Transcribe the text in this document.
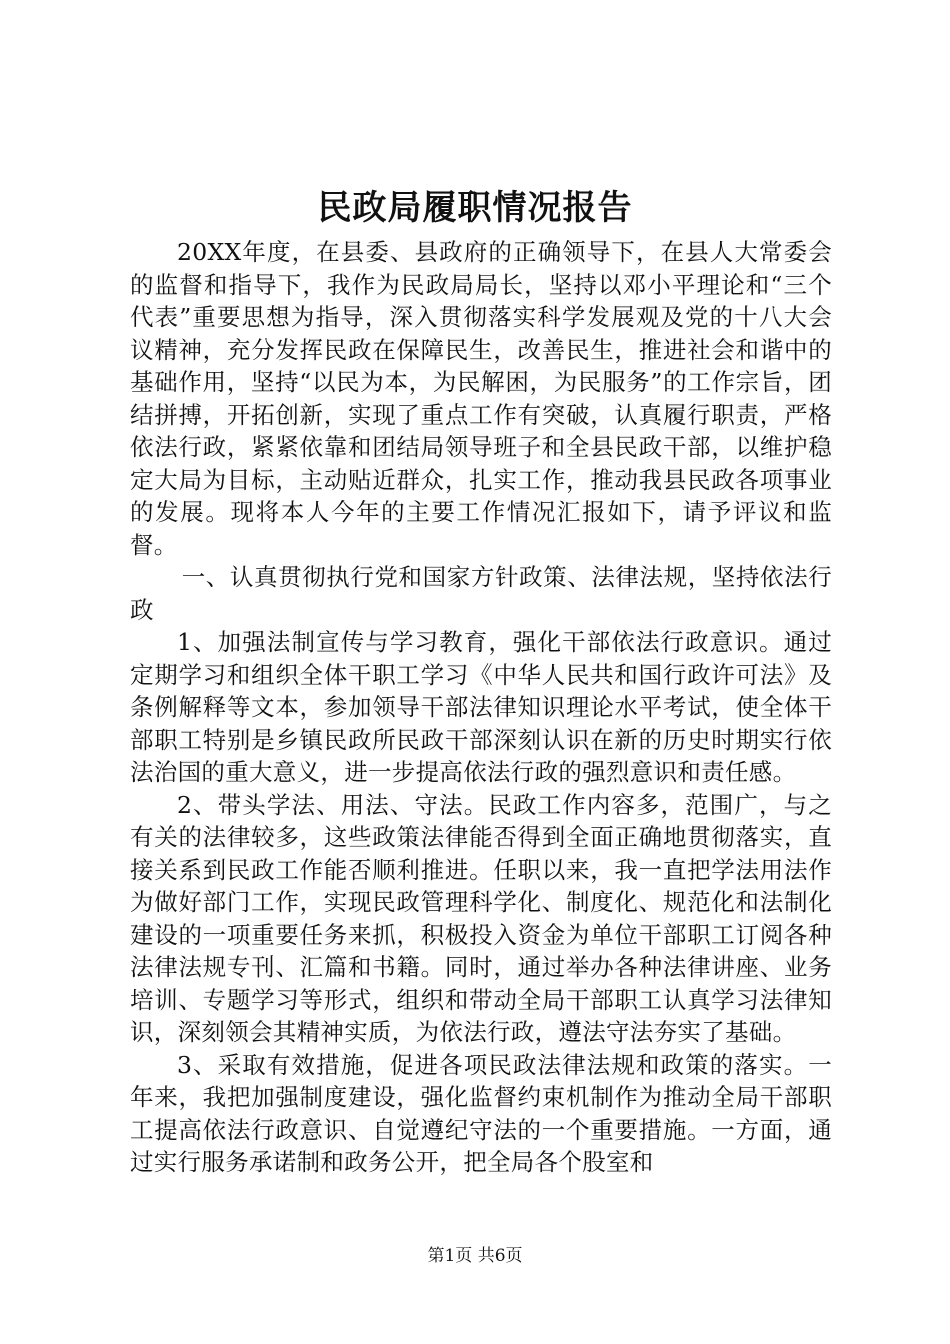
民政局履职情况报告

20XX年度，在县委、县政府的正确领导下，在县人大常委会的监督和指导下，我作为民政局局长，坚持以邓小平理论和“三个代表”重要思想为指导，深入贯彻落实科学发展观及党的十八大会议精神，充分发挥民政在保障民生，改善民生，推进社会和谐中的基础作用，坚持“以民为本，为民解困，为民服务”的工作宗旨，团结拼搏，开拓创新，实现了重点工作有突破，认真履行职责，严格依法行政，紧紧依靠和团结局领导班子和全县民政干部，以维护稳定大局为目标，主动贴近群众，扎实工作，推动我县民政各项事业的发展。现将本人今年的主要工作情况汇报如下，请予评议和监督。

一、认真贯彻执行党和国家方针政策、法律法规，坚持依法行政

1、加强法制宣传与学习教育，强化干部依法行政意识。通过定期学习和组织全体干职工学习《中华人民共和国行政许可法》及条例解释等文本，参加领导干部法律知识理论水平考试，使全体干部职工特别是乡镇民政所民政干部深刻认识在新的历史时期实行依法治国的重大意义，进一步提高依法行政的强烈意识和责任感。

2、带头学法、用法、守法。民政工作内容多，范围广，与之有关的法律较多，这些政策法律能否得到全面正确地贯彻落实，直接关系到民政工作能否顺利推进。任职以来，我一直把学法用法作为做好部门工作，实现民政管理科学化、制度化、规范化和法制化建设的一项重要任务来抓，积极投入资金为单位干部职工订阅各种法律法规专刊、汇篇和书籍。同时，通过举办各种法律讲座、业务培训、专题学习等形式，组织和带动全局干部职工认真学习法律知识，深刻领会其精神实质，为依法行政，遵法守法夯实了基础。

3、采取有效措施，促进各项民政法律法规和政策的落实。一年来，我把加强制度建设，强化监督约束机制作为推动全局干部职工提高依法行政意识、自觉遵纪守法的一个重要措施。一方面，通过实行服务承诺制和政务公开，把全局各个股室和

第1页 共6页
